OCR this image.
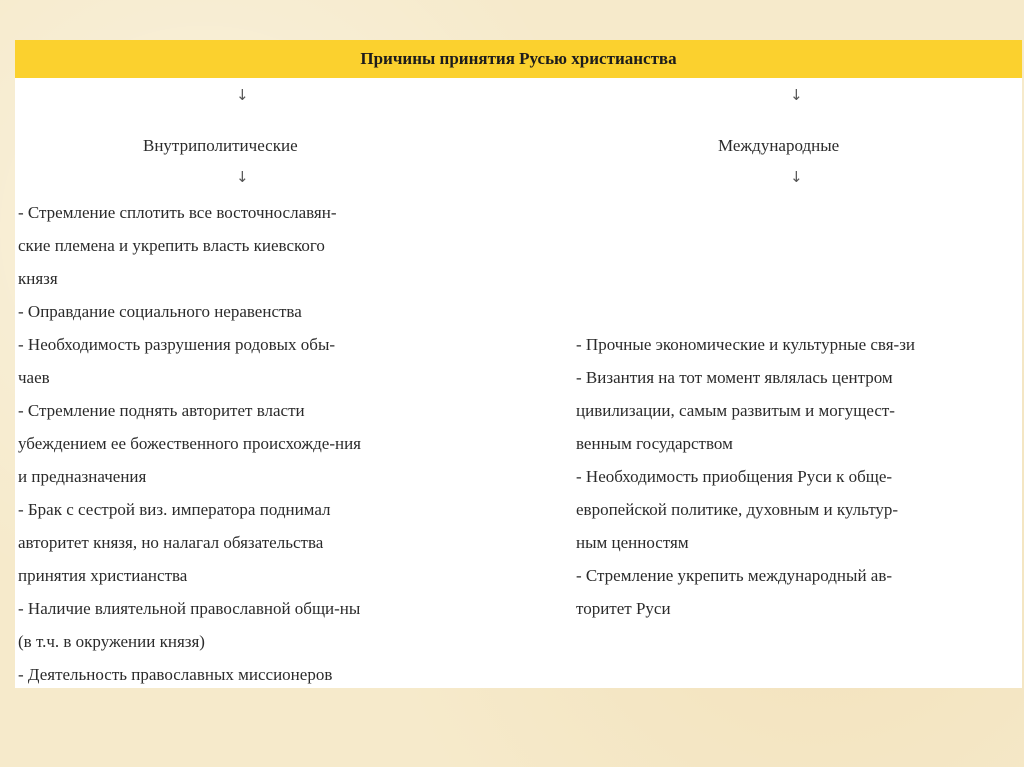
Причины принятия Русью христианства
↓
Внутриполитические
↓
- Стремление сплотить все восточнославян-
ские племена и укрепить власть киевского
князя
- Оправдание социального неравенства
- Необходимость разрушения родовых обы-
чаев
- Стремление поднять авторитет власти
убеждением ее божественного происхожде-ния
и предназначения
- Брак с сестрой виз. императора поднимал
авторитет князя, но налагал обязательства
принятия христианства
- Наличие влиятельной православной общи-ны
(в т.ч. в окружении князя)
- Деятельность православных миссионеров
↓
Международные
↓
- Прочные экономические и культурные свя-зи
- Византия на тот момент являлась центром
цивилизации, самым развитым и могущест-
венным государством
- Необходимость приобщения Руси к обще-
европейской политике, духовным и культур-
ным ценностям
- Стремление укрепить международный ав-
торитет Руси
